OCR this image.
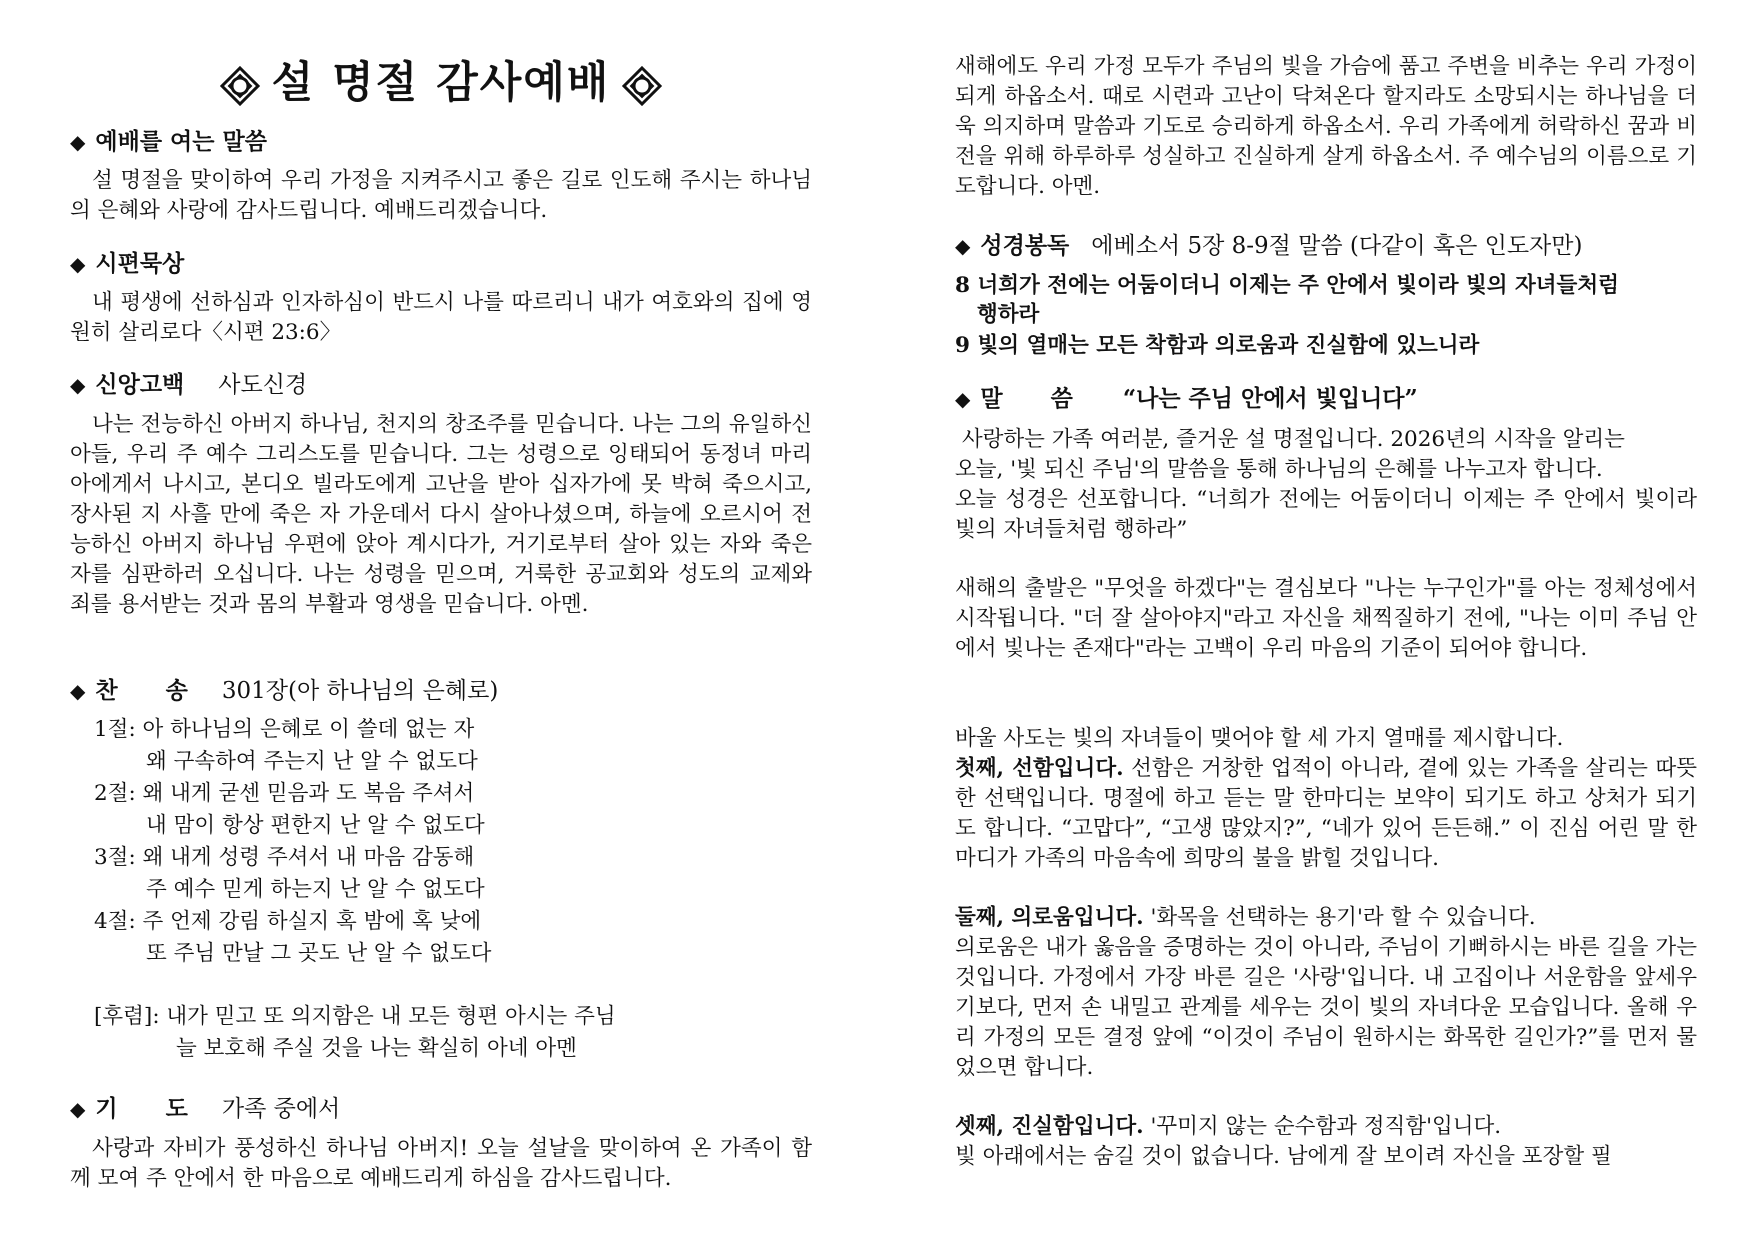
설 명절 감사예배
◆ 예배를 여는 말씀
설 명절을 맞이하여 우리 가정을 지켜주시고 좋은 길로 인도해 주시는 하나님의 은혜와 사랑에 감사드립니다. 예배드리겠습니다.
◆ 시편묵상
내 평생에 선하심과 인자하심이 반드시 나를 따르리니 내가 여호와의 집에 영원히 살리로다〈시편 23:6〉
◆ 신앙고백 사도신경
나는 전능하신 아버지 하나님, 천지의 창조주를 믿습니다. 나는 그의 유일하신 아들, 우리 주 예수 그리스도를 믿습니다. 그는 성령으로 잉태되어 동정녀 마리아에게서 나시고, 본디오 빌라도에게 고난을 받아 십자가에 못 박혀 죽으시고, 장사된 지 사흘 만에 죽은 자 가운데서 다시 살아나셨으며, 하늘에 오르시어 전능하신 아버지 하나님 우편에 앉아 계시다가, 거기로부터 살아 있는 자와 죽은 자를 심판하러 오십니다. 나는 성령을 믿으며, 거룩한 공교회와 성도의 교제와 죄를 용서받는 것과 몸의 부활과 영생을 믿습니다. 아멘.
◆ 찬      송 301장(아 하나님의 은혜로)
1절: 아 하나님의 은혜로 이 쓸데 없는 자
왜 구속하여 주는지 난 알 수 없도다
2절: 왜 내게 굳센 믿음과 도 복음 주셔서
내 맘이 항상 편한지 난 알 수 없도다
3절: 왜 내게 성령 주셔서 내 마음 감동해
주 예수 믿게 하는지 난 알 수 없도다
4절: 주 언제 강림 하실지 혹 밤에 혹 낮에
또 주님 만날 그 곳도 난 알 수 없도다
[후렴]: 내가 믿고 또 의지함은 내 모든 형편 아시는 주님
늘 보호해 주실 것을 나는 확실히 아네 아멘
◆ 기      도 가족 중에서
사랑과 자비가 풍성하신 하나님 아버지! 오늘 설날을 맞이하여 온 가족이 함께 모여 주 안에서 한 마음으로 예배드리게 하심을 감사드립니다.
새해에도 우리 가정 모두가 주님의 빛을 가슴에 품고 주변을 비추는 우리 가정이 되게 하옵소서. 때로 시련과 고난이 닥쳐온다 할지라도 소망되시는 하나님을 더욱 의지하며 말씀과 기도로 승리하게 하옵소서. 우리 가족에게 허락하신 꿈과 비전을 위해 하루하루 성실하고 진실하게 살게 하옵소서. 주 예수님의 이름으로 기도합니다. 아멘.
◆ 성경봉독 에베소서 5장 8-9절 말씀 (다같이 혹은 인도자만)
8 너희가 전에는 어둠이더니 이제는 주 안에서 빛이라 빛의 자녀들처럼
행하라
9 빛의 열매는 모든 착함과 의로움과 진실함에 있느니라
◆ 말      씀 “나는 주님 안에서 빛입니다”
사랑하는 가족 여러분, 즐거운 설 명절입니다. 2026년의 시작을 알리는
오늘, '빛 되신 주님'의 말씀을 통해 하나님의 은혜를 나누고자 합니다.
오늘 성경은 선포합니다. “너희가 전에는 어둠이더니 이제는 주 안에서 빛이라 빛의 자녀들처럼 행하라”
새해의 출발은 "무엇을 하겠다"는 결심보다 "나는 누구인가"를 아는 정체성에서 시작됩니다. "더 잘 살아야지"라고 자신을 채찍질하기 전에, "나는 이미 주님 안에서 빛나는 존재다"라는 고백이 우리 마음의 기준이 되어야 합니다.
바울 사도는 빛의 자녀들이 맺어야 할 세 가지 열매를 제시합니다.
첫째, 선함입니다. 선함은 거창한 업적이 아니라, 곁에 있는 가족을 살리는 따뜻한 선택입니다. 명절에 하고 듣는 말 한마디는 보약이 되기도 하고 상처가 되기도 합니다. “고맙다”, “고생 많았지?”, “네가 있어 든든해.” 이 진심 어린 말 한마디가 가족의 마음속에 희망의 불을 밝힐 것입니다.
둘째, 의로움입니다. '화목을 선택하는 용기'라 할 수 있습니다.
의로움은 내가 옳음을 증명하는 것이 아니라, 주님이 기뻐하시는 바른 길을 가는 것입니다. 가정에서 가장 바른 길은 '사랑'입니다. 내 고집이나 서운함을 앞세우기보다, 먼저 손 내밀고 관계를 세우는 것이 빛의 자녀다운 모습입니다. 올해 우리 가정의 모든 결정 앞에 “이것이 주님이 원하시는 화목한 길인가?”를 먼저 물었으면 합니다.
셋째, 진실함입니다. '꾸미지 않는 순수함과 정직함'입니다.
빛 아래에서는 숨길 것이 없습니다. 남에게 잘 보이려 자신을 포장할 필
